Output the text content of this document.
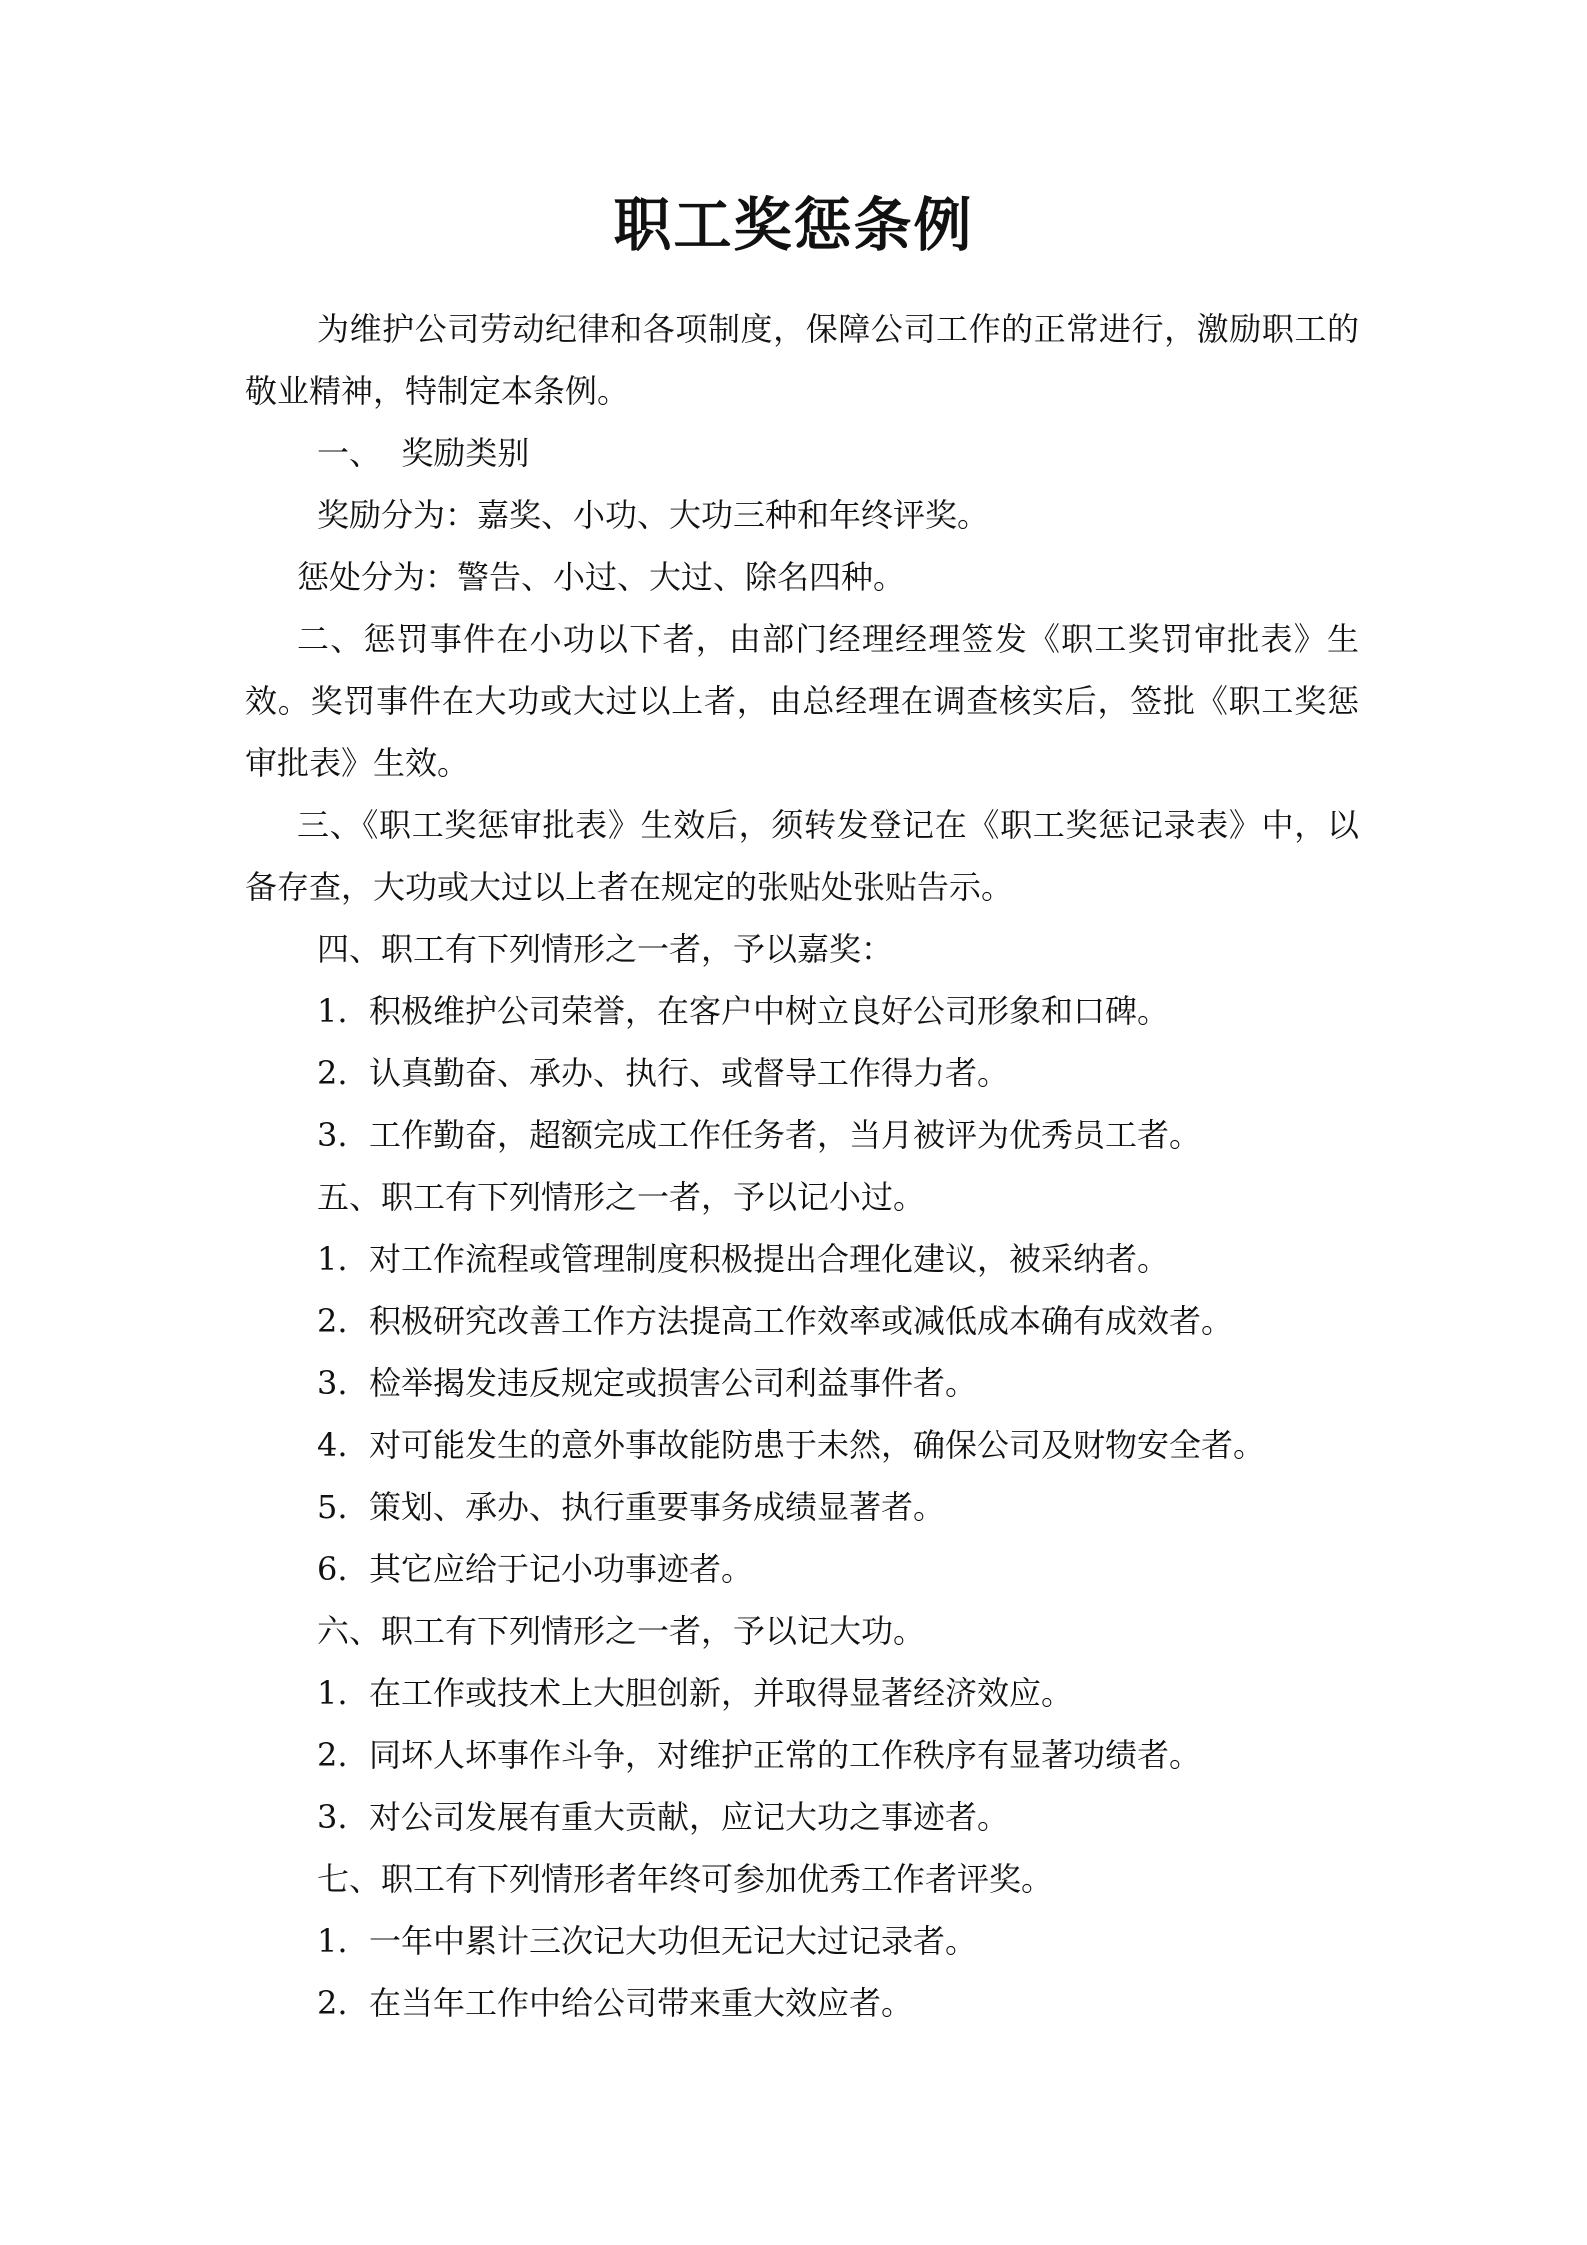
职工奖惩条例

为维护公司劳动纪律和各项制度，保障公司工作的正常进行，激励职工的敬业精神，特制定本条例。

一、  奖励类别

奖励分为：嘉奖、小功、大功三种和年终评奖。

惩处分为：警告、小过、大过、除名四种。

二、惩罚事件在小功以下者，由部门经理经理签发《职工奖罚审批表》生效。奖罚事件在大功或大过以上者，由总经理在调查核实后，签批《职工奖惩审批表》生效。

三、《职工奖惩审批表》生效后，须转发登记在《职工奖惩记录表》中，以备存查，大功或大过以上者在规定的张贴处张贴告示。

四、职工有下列情形之一者，予以嘉奖：

1. 积极维护公司荣誉，在客户中树立良好公司形象和口碑。

2. 认真勤奋、承办、执行、或督导工作得力者。

3. 工作勤奋，超额完成工作任务者，当月被评为优秀员工者。

五、职工有下列情形之一者，予以记小过。

1. 对工作流程或管理制度积极提出合理化建议，被采纳者。

2. 积极研究改善工作方法提高工作效率或减低成本确有成效者。

3. 检举揭发违反规定或损害公司利益事件者。

4. 对可能发生的意外事故能防患于未然，确保公司及财物安全者。

5. 策划、承办、执行重要事务成绩显著者。

6. 其它应给于记小功事迹者。

六、职工有下列情形之一者，予以记大功。

1. 在工作或技术上大胆创新，并取得显著经济效应。

2. 同坏人坏事作斗争，对维护正常的工作秩序有显著功绩者。

3. 对公司发展有重大贡献，应记大功之事迹者。

七、职工有下列情形者年终可参加优秀工作者评奖。

1. 一年中累计三次记大功但无记大过记录者。

2. 在当年工作中给公司带来重大效应者。
